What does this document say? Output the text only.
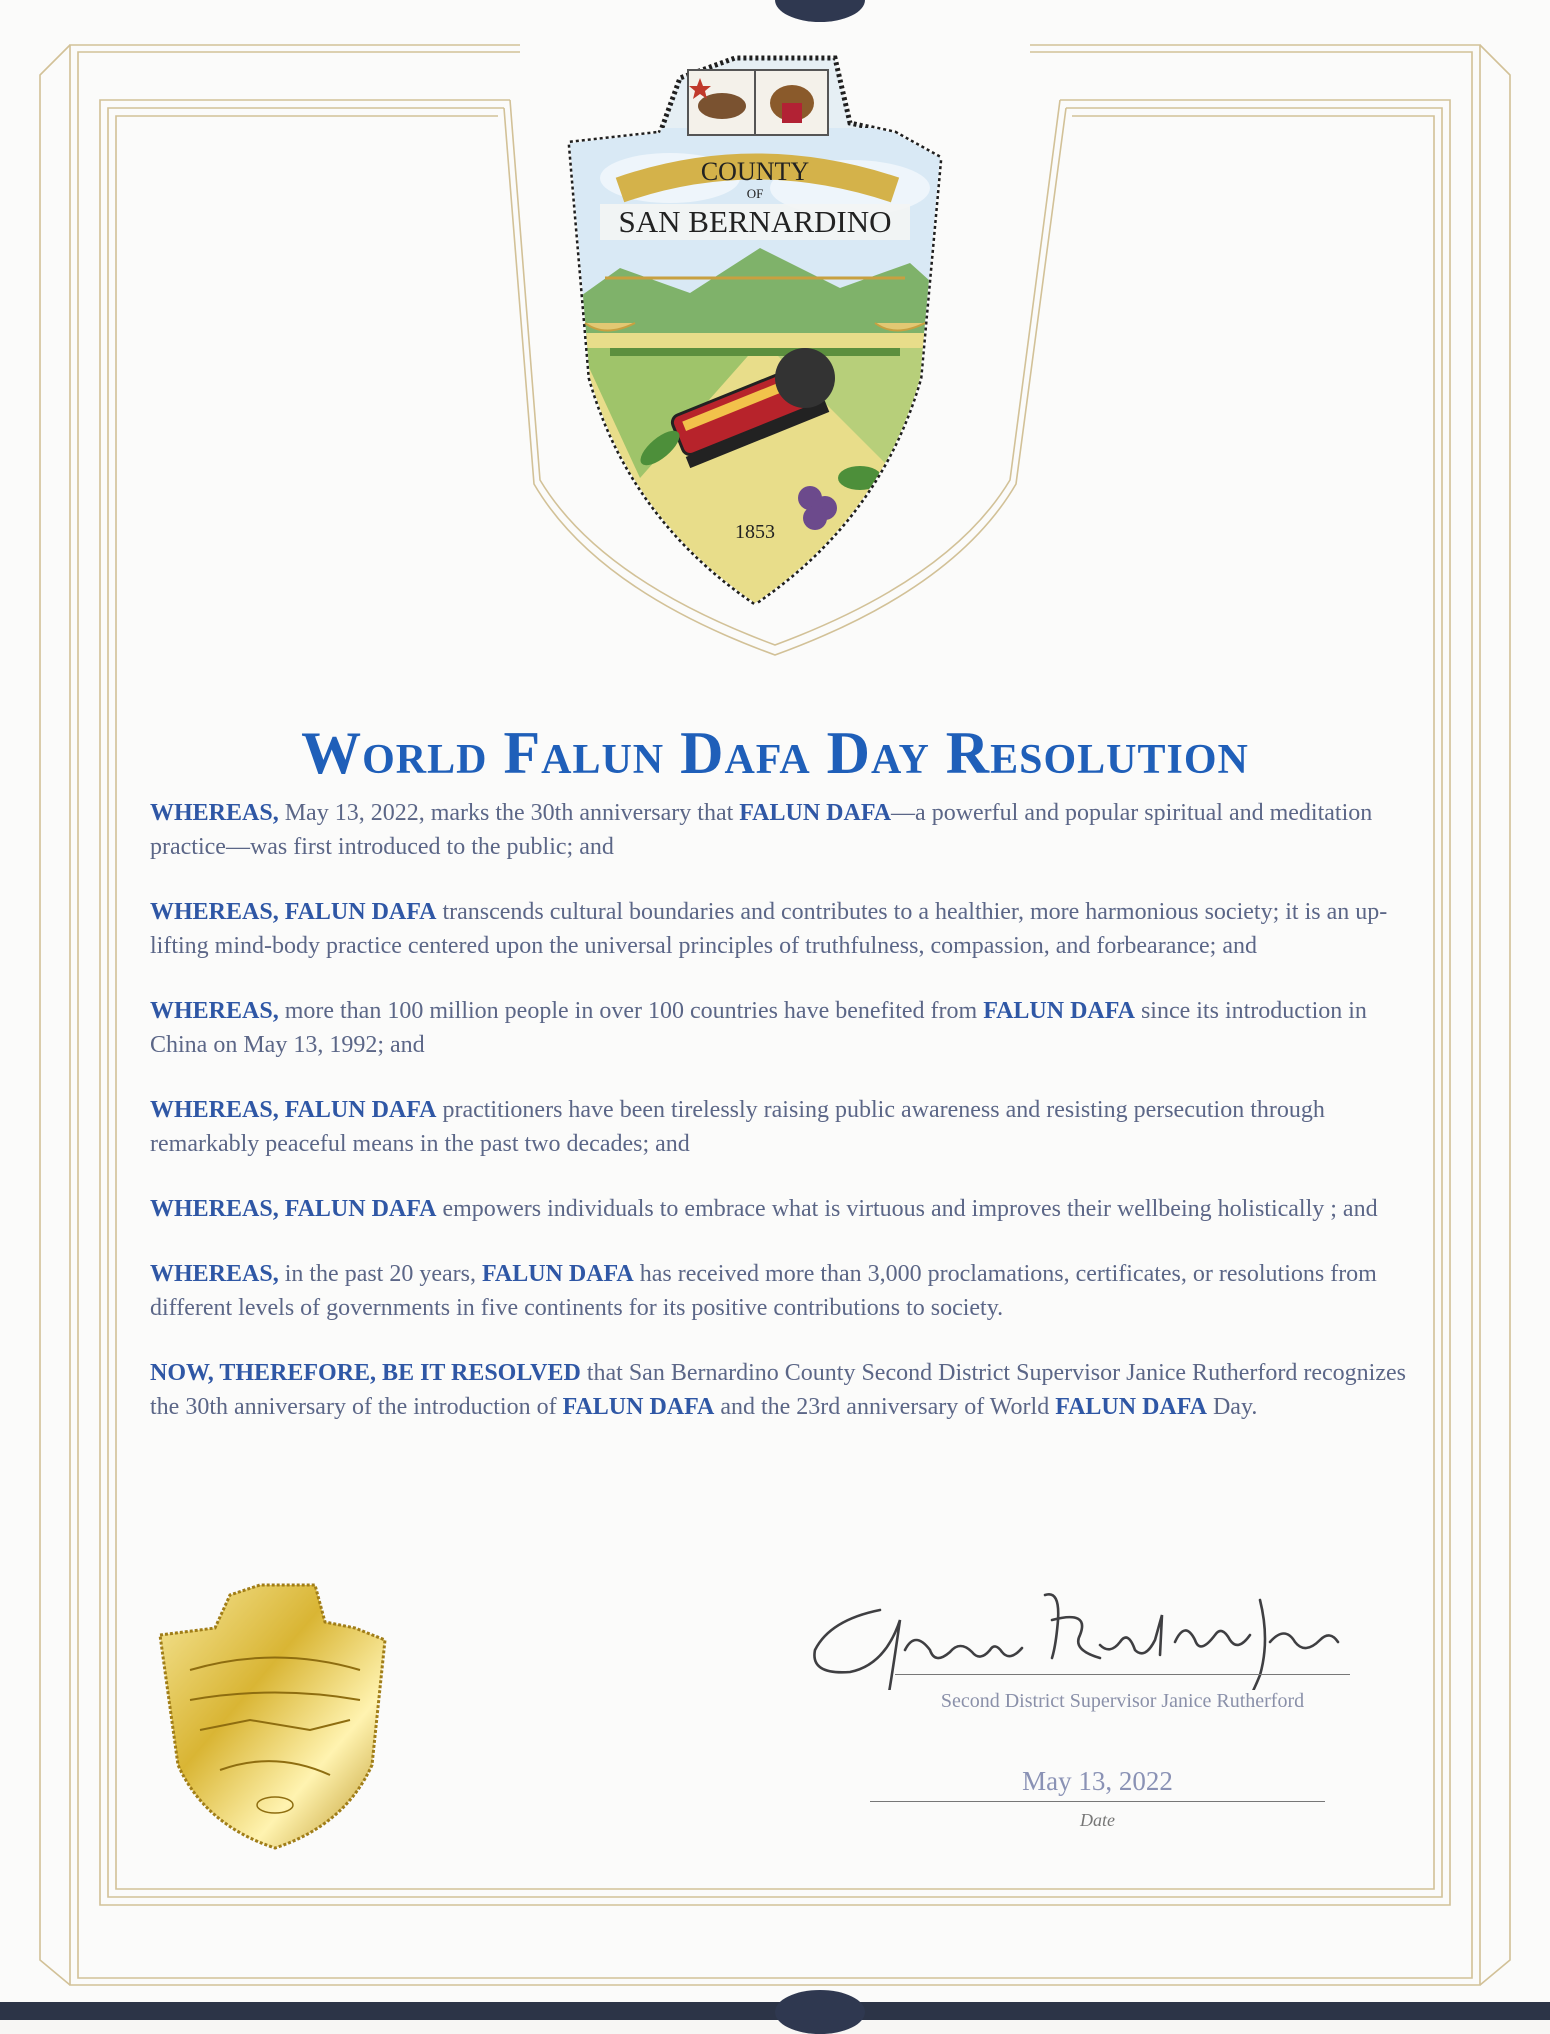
COUNTY
OF
SAN BERNARDINO
1853
World Falun Dafa Day Resolution

WHEREAS, May 13, 2022, marks the 30th anniversary that FALUN DAFA—a powerful and popular spiritual and meditation practice—was first introduced to the public; and

WHEREAS, FALUN DAFA transcends cultural boundaries and contributes to a healthier, more harmonious society; it is an up-lifting mind-body practice centered upon the universal principles of truthfulness, compassion, and forbearance; and

WHEREAS, more than 100 million people in over 100 countries have benefited from FALUN DAFA since its introduction in China on May 13, 1992; and

WHEREAS, FALUN DAFA practitioners have been tirelessly raising public awareness and resisting persecution through remarkably peaceful means in the past two decades; and

WHEREAS, FALUN DAFA empowers individuals to embrace what is virtuous and improves their wellbeing holistically ; and

WHEREAS, in the past 20 years, FALUN DAFA has received more than 3,000 proclamations, certificates, or resolutions from different levels of governments in five continents for its positive contributions to society.

NOW, THEREFORE, BE IT RESOLVED that San Bernardino County Second District Supervisor Janice Rutherford recognizes the 30th anniversary of the introduction of FALUN DAFA and the 23rd anniversary of World FALUN DAFA Day.

Second District Supervisor Janice Rutherford
May 13, 2022
Date
